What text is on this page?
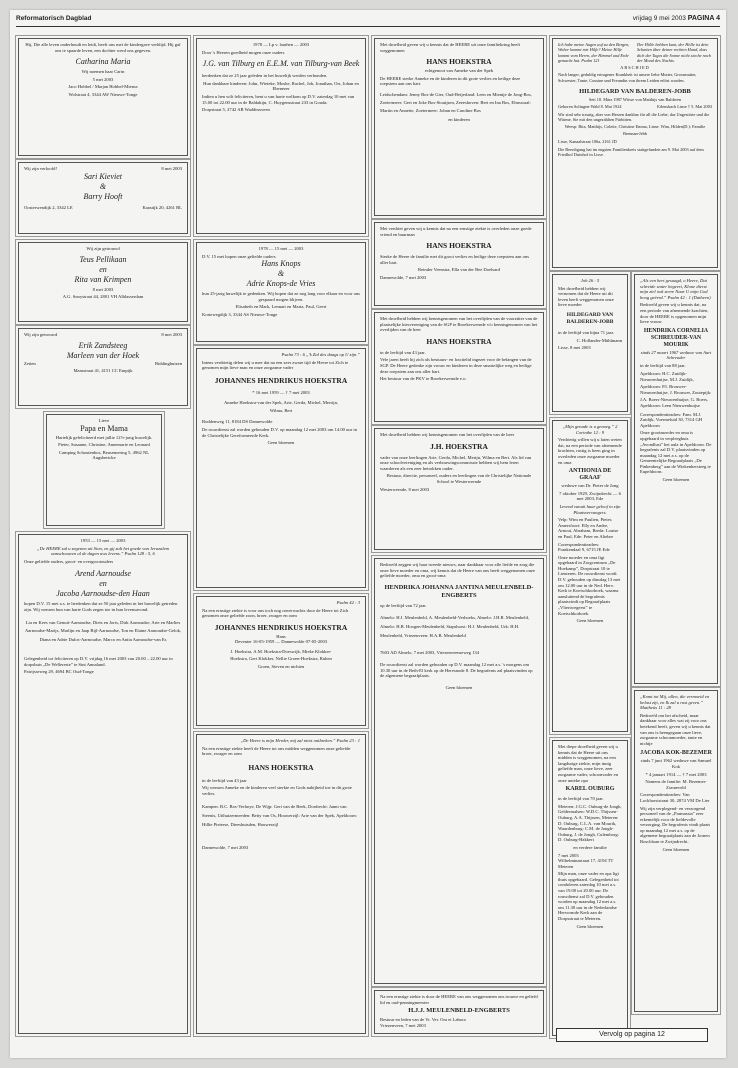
Reformatorisch Dagblad	vrijdag 9 mei 2003 PAGINA 4
Hij, Die alle leven onderhoudt en leidt, heeft ons met de kindergave verblijd. Hij gaf ons te spaarde leven, een dochter werd ons gegeven.
Catharina Maria
Wij noemen haar Carin
5 mei 2003
Jaco Hobbel / Marjan Hobbel-Mienss
Wolstraat 4, 3344 AW Nieuwe-Tonge
Wij zijn verloofd!	8 mei 2003
Sari Kieviet
&
Barry Hooft
Oosterwendijk 2, 3342 LE	Kaastijk 20, 4261 BL
Wij zijn getrouwd
Teus Pellikaan
en
Rita van Krimpen
8 mei 2003
A.G. Snoystraat 44, 2801 VH Alblasserdam
Wij zijn getrouwd	8 mei 2003
Erik Zandsteeg
Marleen van der Hoek
Zetten	Biddinghuizen
Maasstraat 41, 4151 CC Empijk
Lieve
Papa en Mama
Hartelijk gefeliciteerd met jullie 12½-jarig huwelijk.
Pieter, Susanne, Christine, Annemarie en Leonard
Camping Schoutenbos, Beusemering 5, 4962 NL Augsbertcke
1953 — 15 mei — 2003
„De HEERE zal u zegenen uit Sion, en gij zult het goede van Jeruzalem aanschouwen al de dagen uws levens.” Psalm 128 : 5, 6
Onze geliefde ouders, groot- en overgrootouders
Arend Aarnoudse
en
Jacoba Aarnoudse-den Haan
hopen D.V. 15 mei a.s. te herdenken dat ze 50 jaar geleden in het huwelijk getreden zijn. Wij wensen hun van harte Gods zegen toe in hun levensavond.
Lia en Kees van Genuit-Aarnoudse, Diets en Joris, Dirk Aarnoudse, Arie en Marlies Aarnoudse-Marijs, Marlijn en Jaap Bijl-Aarnoudse, Ton en Elaine Aarnoudse-Gelok, Diana en Adrie Dulos-Aarnoudse, Marco en Anita Aarnoudse-van Es
Gelegenheid tot feliciteren op D.V. vrijdag 16 mei 2003 van 20.00 – 22.00 uur in dorpshuis „De Wellereste” te Sint Annaland.
Patrijsseweg 29, 4694 BC Oud-Tonge
1978 — Lp v. laarhen — 2003
Door 's Heeren goedheid mogen onze ouders
J.G. van Tilburg en E.E.M. van Tilburg-van Beek
herdenken dat ze 25 jaar geleden in het huwelijk werden verbonden.
Hun dankbare kinderen: John, Wieteke, Moshe, Rachel, Job, Jonathan, Orr, Johan en Ebenezer
Indien u hen wilt feliciteren, bent u van harte welkom op D.V. zaterdag 10 mei van 15.00 tot 22.00 uur in de Baldakijn, C. Huygensstraat 233 in Gouda.
Dorpstraat 5, 2742 AB Waddinxveen
1978 — 15 mei — 2003
D.V. 15 mei hopen onze geliefde ouders
Hans Knops
&
Adrie Knops-de Vries
hun 25-jarig huwelijk te gedenken. Wij hopen dat ze nog lang voor elkaar en voor ons gespaard mogen blijven.
Elisabeth en Mark, Lennart en Maria, Paul, Geert
Kortewegdijk 3, 3344 AS Nieuwe-Tonge
Psalm 73 : 6 „'k Zal des daags op U zijn.”
Intens verdrietig delen wij u mee dat na een zeer zware tijd de Heere tot Zich te genomen mijn lieve man en onze zorgzame vader
JOHANNES HENDRIKUS HOEKSTRA
* 16 mei 1959 — † 7 mei 2003
Anneke Hoekstra-van der Spek, Arie, Gerda, Michel, Merrijn, Wilma, Bert
Boddenweg 11, 8184 DS Dannewolde
De rouwdienst zal worden gehouden D.V. op maandag 12 mei 2003 om 14.00 uur in de Christelijke Gereformeerde Kerk.
Geen bloemen
Psalm 42 : 3
Na een ernstige ziekte is voor ons toch nog onverwachts door de Heere tot Zich genomen onze geliefde zoon, broer, zwager en oom
JOHANNES HENDRIKUS HOEKSTRA
Hans
Deventer 16-05-1959 — Dannewolde 07-05-2003
J. Hoekstra, A.M. Hoekstra-Doeswijk, Mieke Klokker-Hoekstra, Gert Klokker, Nellie Groen-Hoekstra, Ruben Groen, Steven en nichten
„De Heere is mijn Herder, mij zal niets ontbreken.” Psalm 23 : 1
Na een ernstige ziekte heeft de Heere tot ons midden weggenomen onze geliefde broer, zwager en oom
HANS HOEKSTRA
in de leeftijd van 43 jaar
Wij wensen Anneke en de kinderen veel sterkte en Gods nabijheid toe in dit grote verlies.
Kampen: B.C. Bos-Verhoye, De Wijp: Gert van de Beek, Dordrecht: Janni van Steenis, Uithuizermeeden: Betty van Os, Houwerzijl: Arie van der Spek, Apeldoorn: Hillie Pieterse, Dieeshuisden, Houwerzijl
Dannewolde, 7 mei 2003
Met droefheid geven wij u kennis dat de HEERE uit onze familiekring heeft weggenomen
HANS HOEKSTRA
echtgenoot van Anneke van der Spek
De HEERE sterke Anneke en de kinderen in dit grote verlies en heilige deze roepstem aan ons hart.
Leidschendam: Jenny Bos-de Gier, Oud-Beijerland: Leen en Mientje de Jong-Bos, Zoetermeer: Gert en Joke Bos-Stoutjsen, Zeeeshoven: Bert en Ina Bos, Elmswaal: Martin en Annette, Zoetermeer: Johan en Caroline Bos
en kinderen
Met verdriet geven wij u kennis dat na een ernstige ziekte is overleden onze goede vriend en buurman
HANS HOEKSTRA
Sterke de Heere de familie met dit groot verlies en heilige deze roepstem aan ons aller hart.
Reinder Veenstra, Ella van der Bee Doelsard
Dannewolde, 7 mei 2003
Met droefheid hebben wij kennisgenomen van het overlijden van de voorzitter van de plaatselijke kiesvereniging van de SGP te Broekerwernde v/o kennisgenomen van het overlijden van de heer
HANS HOEKSTRA
in de leeftijd van 43 jaar.
Vele jaren heeft hij zich als bestuurs- en fractielid ingezet voor de belangen van de SGP. De Heere gedenke zijn vrouw en kinderen in deze smartelijke weg en heilige deze roepstem aan ons aller hart.
Het bestuur van de PKV te Broekerwernde e.o.
Met droefheid hebben wij kennisgenomen van het overlijden van de heer
J.H. HOEKSTRA
vader van onze leerlingen Arie, Gerda, Michel, Merijn, Wilma en Bert. Als lid van onze schoolvereniging en als verbouwingscommissie hebben wij hem leren waarderen als een zeer betrokken ouder.
Bestuur, directie, personeel, ouders en leerlingen van de Christelijke Nationale School te Westerwernde
Westerwernde, 8 mei 2003
Bedroefd zeggen wij haar tweede nieuws, naar dankbaar voor alle liefde en zorg die onze lieve moeder en oma, wij kennis dat de Heere van ons heeft weggenomen onze geliefde moeder, oma en groot-oma
HENDRIKA JOHANNA JANTINA MEULENBELD-ENGBERTS
op de leeftijd van 72 jaar.
Almelo: H.J. Meulenbeld, A. Meulenbeld-Verhoeks, Almelo: J.H.R. Meulenbeld, Almelo: H.B. Hoogen-Meulenbeld, Stapshorst: H.J. Meulenbeld, Urk: H.H. Meulenbeld, Vriezenveen: H.A.B. Meulenbeld
7603 AD Almelo, 7 mei 2003, Vriezenveenseweg 134
De rouwdienst zal worden gehouden op D.V. maandag 12 mei a.s. 's morgens om 10.30 uur in de Beth-El kerk op de Heresnode 8. De begrafenis zal plaatsvinden op de algemene begraafplaats.
Geen bloemen
Na een ernstige ziekte is door de HEERE van ons weggenomen ons trouwe en geliefd lid en oud-penningmeester
H.J.J. MEULENBELD-ENGBERTS
Bestuur en leden van de Vr. Ver. Ora et Labora
Vriezenveen, 7 mei 2003
Ich habe meine Augen auf zu den Bergen, Woher kommt mir Hilfe? Meine Hilfe kommt vom Herrn, der Himmel und Erde gemacht hat. Psalm 121
Der Hölle hebben kunt, der Hölle ist dein Schatten über deiner rechten Hand, dass dich der Tages die Sonne nicht steche noch der Mond des Nachts.
ABSCHIED
Nach langer, geduldig ertragener Krankheit ist unsere liebe Mutter, Grossmutter, Schwester, Tante, Cousine und Freundin von ihrem Leiden erlöst worden.
HILDEGARD VAN BALDEREN-JOBB
Seit 18. März 1987 Witwe von Matthijs van Balderen
Geboren Solingen-Wald 8. Mai 1924	Erlensbach Linse † 5. Mai 2003
Wir sind sehr traurig, aber von Herzen dankbar für all die Liebe, das Ungestörte und die Wärme, Sie mit den ungezählten Fürbitten.
Weesp: Rita, Matthijs, Colette, Christine Emma, Linse: Wim, Hilden(D.): Familie Brennan-Jebb
Lisse, Kanaalstraat 106a, 2161 JD
Die Beerdigung hat im engsten Familienkreis stattgefunden am 9. Mai 2003 auf dem Friedhof Duinhof in Lisse.
Job 26 : 5
Met droefheid hebben wij vernomen dat de Heere uit dit leven heeft weggenomen onze lieve moeder
HILDEGARD VAN BALDEREN-JOBB
in de leeftijd van bijna 71 jaar.
C. Hollander-Mühlmann
Lisse, 8 mei 2003
„Mijn genade is u genoeg.” 2 Corinthe 12 : 9
Verdrietig willen wij u laten weten dat, na een periode van afnemende krachten, rustig is heen ging in overleden onze zorgzame moeder en oma
ANTHONIA DE GRAAF
weduwe van Dr. Pieter de Jong
7 oktober 1929, Zwijndrecht — 6 mei 2003, Ede
Levend vanuit haar geloof in zijn Plaatsvervangers.
Velp: Wim en Paulien, Pieter, Amersfoort: Elly en Andre, Arnout, Abraham, Breda: Louise en Paul, Ede: Peter en Altebre
Correspondentieadres: Frankendaal 9, 6715 JE Ede
Onze moeder en oma ligt opgebaard in Zorgcentrum „De Hoekamp”, Dorpstraat 10 te Lienteren. De rouwdienst wordt D.V. gehouden op dinsdag 13 mei om 12.00 uur in de Ned. Herv. Kerk te Koetschkorhoek, waarna aansluitend de begrafenis plaatsvindt op Begraafplaats „Vliertwegeest” te Koetschkorhoek.
Geen bloemen
Met diepe droefheid geven wij u kennis dat de Heere uit ons midden is weggenomen, na een langdurige ziekte, mijn innig geliefde man, onze lieve, zeer zorgzame vader, schoonvader en onze unieke opa
KAREL OUBURG
in de leeftijd van 70 jaar.
Meteren: J.G.C. Ouburg-de Jongh, Geldermalsen: W.D.C. Thijssen-Ouburg, A.A. Thijssen, Meteren: D. Ouburg, C.L.A. van Mourik, Waardenburg: C.M. de Jongh-Ouburg, J. de Jongh, Culemborg: D. Ouburg-Hakkert
en verdere familie
7 mei 2003
Wilhelminastraat 17, 4194 TT Meteren
Mijn man, onze vader en opa ligt thuis opgebaard. Gelegenheid tot condoleren zaterdag 10 mei a.s. van 19.00 tot 20.00 uur. De rouwdienst zal D.V. gehouden worden op maandag 12 mei a.s. om 11.30 uur in de Nederlandse Hervormde Kerk aan de Dorpsstraat te Meteren.
Geen bloemen
„Als een hert gesaagd, o Heere, Dat schreide water begeert, Klone dierst mijn ziel ook zeere Naar U mijn God hoog geëerd.” Psalm 42 : 1 (Datheen)
Bedroefd geven wij u kennis dat, na een periode van afnemende krachten, door de HEERE is opgenomen mijn lieve vrouw
HENDRIKA CORNELIA SCHREUDER-VAN MOURIK
sinds 27 maart 1967 weduwe van Aart Schreuder
in de leeftijd van 88 jaar.
Apeldoorn: H.C. Zuidijk-Nieuwenhuijse, M.J. Zuidijk, Apeldoorn: P.I. Brouwer-Nieuwenhuijse, J. Brouwer, Zoutepijk: J.A. Boers-Nieuwenhuijse, G. Boers, Apeldoorn: Leen Nieuwenhuijse
Correspondentieadres: Fam. M.J. Zuidijk, Voermeluid 30, 7314 GH Apeldoorn
Onze grootmoeder en oma is opgebaard in verpleeghuis „Avondlust” het aula in Apeldoorn. De begrafenis zal D.V. plaatsvinden op maandag 12 mei a.s. op de Gemeentelijke Begraafplaats „De Pinkenberg” aan de Wiekenhersteeg te Eupeldoorn.
Geen bloemen
„Komt tot Mij, allen, die vermoeid en belast zijt, en Ik zal u rust geven.” Mattheüs 11 : 28
Bedroefd om het afscheid, maar dankbaar voor alles wat zij voor ons betekend heeft, geven wij u kennis dat van ons is heengegaan onze lieve, zorgzame schoonmoeder, tante en nichtje
JACOBA KOK-BEZEMER
sinds 7 juni 1962 weduwe van Samuel Kok
* 4 januari 1914 — † 7 mei 2003
Namens de familie: M. Bezemer-Zonneveld
Correspondentieadres: Van Lockhorststraat 30, 2874 VM De Lier
Wij zijn verplegend- en verzorgend personeel van de „Parmassia” zeer erkentelijk voor de liefdevolle verzorging. De begrafenis vindt plaats op maandag 12 mei a.s. op de algemene begraafplaats aan de Jornen Boschloan te Zwijndrecht.
Geen bloemen
Vervolg op pagina 12
